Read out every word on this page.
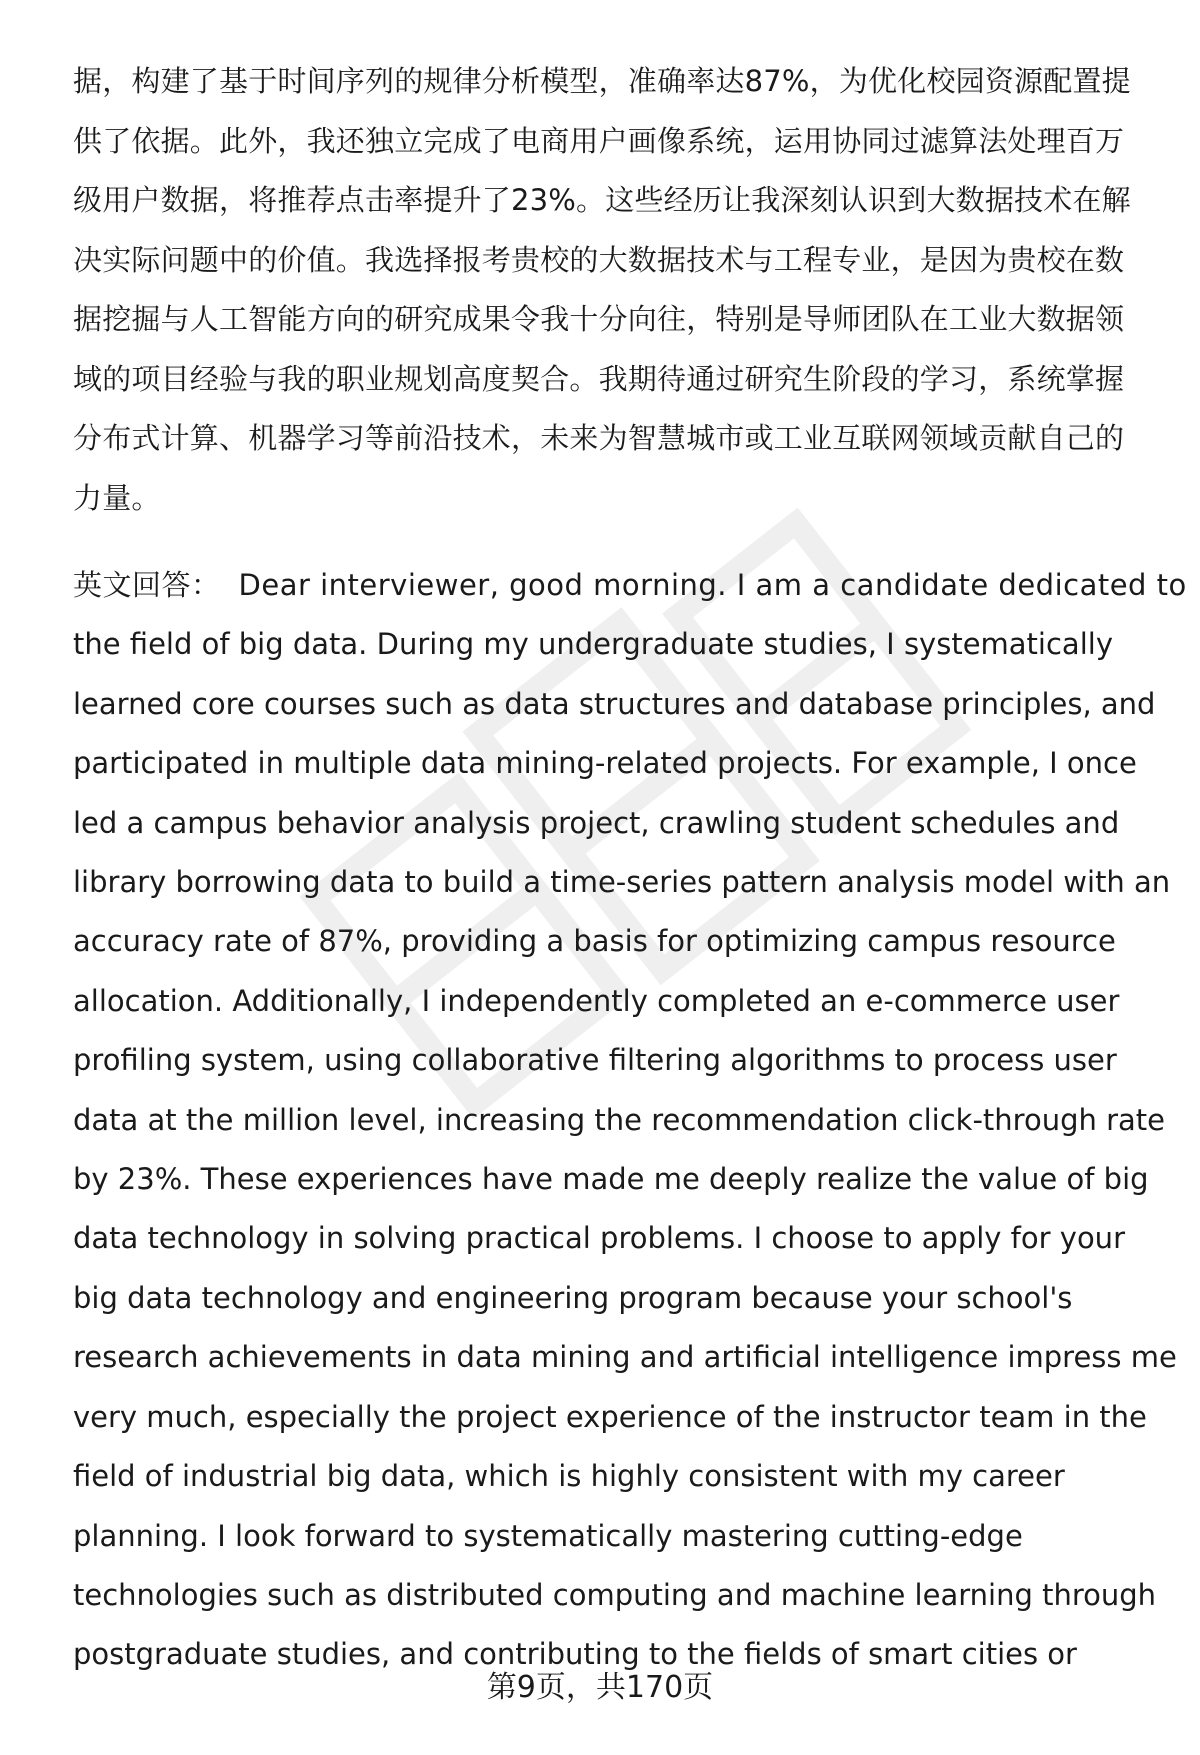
据，构建了基于时间序列的规律分析模型，准确率达87%，为优化校园资源配置提
供了依据。此外，我还独立完成了电商用户画像系统，运用协同过滤算法处理百万
级用户数据，将推荐点击率提升了23%。这些经历让我深刻认识到大数据技术在解
决实际问题中的价值。我选择报考贵校的大数据技术与工程专业，是因为贵校在数
据挖掘与人工智能方向的研究成果令我十分向往，特别是导师团队在工业大数据领
域的项目经验与我的职业规划高度契合。我期待通过研究生阶段的学习，系统掌握
分布式计算、机器学习等前沿技术，未来为智慧城市或工业互联网领域贡献自己的
力量。
英文回答： Dear interviewer, good morning. I am a candidate dedicated to
the field of big data. During my undergraduate studies, I systematically
learned core courses such as data structures and database principles, and
participated in multiple data mining-related projects. For example, I once
led a campus behavior analysis project, crawling student schedules and
library borrowing data to build a time-series pattern analysis model with an
accuracy rate of 87%, providing a basis for optimizing campus resource
allocation. Additionally, I independently completed an e-commerce user
profiling system, using collaborative filtering algorithms to process user
data at the million level, increasing the recommendation click-through rate
by 23%. These experiences have made me deeply realize the value of big
data technology in solving practical problems. I choose to apply for your
big data technology and engineering program because your school's
research achievements in data mining and artificial intelligence impress me
very much, especially the project experience of the instructor team in the
field of industrial big data, which is highly consistent with my career
planning. I look forward to systematically mastering cutting-edge
technologies such as distributed computing and machine learning through
postgraduate studies, and contributing to the fields of smart cities or
第9页，共170页
